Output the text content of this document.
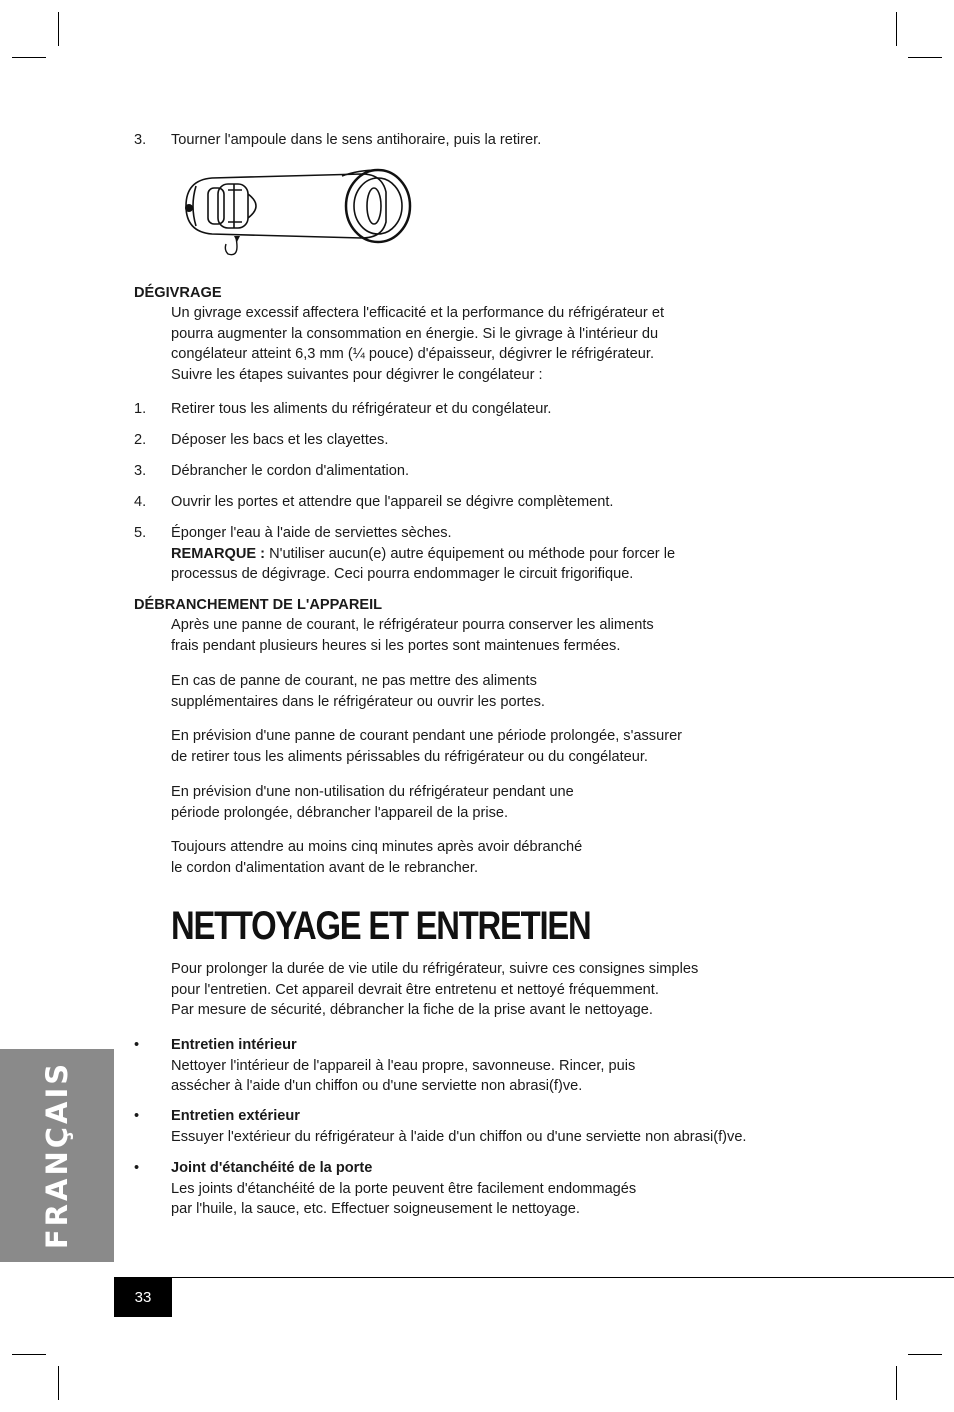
3. Tourner l'ampoule dans le sens antihoraire, puis la retirer.
DÉGIVRAGE
Un givrage excessif affectera l'efficacité et la performance du réfrigérateur et
pourra augmenter la consommation en énergie. Si le givrage à l'intérieur du
congélateur atteint 6,3 mm (¼ pouce) d'épaisseur, dégivrer le réfrigérateur.
Suivre les étapes suivantes pour dégivrer le congélateur :
1. Retirer tous les aliments du réfrigérateur et du congélateur.
2. Déposer les bacs et les clayettes.
3. Débrancher le cordon d'alimentation.
4. Ouvrir les portes et attendre que l'appareil se dégivre complètement.
5. Éponger l'eau à l'aide de serviettes sèches.
REMARQUE : N'utiliser aucun(e) autre équipement ou méthode pour forcer le
processus de dégivrage. Ceci pourra endommager le circuit frigorifique.
DÉBRANCHEMENT DE L'APPAREIL
Après une panne de courant, le réfrigérateur pourra conserver les aliments
frais pendant plusieurs heures si les portes sont maintenues fermées.
En cas de panne de courant, ne pas mettre des aliments
supplémentaires dans le réfrigérateur ou ouvrir les portes.
En prévision d'une panne de courant pendant une période prolongée, s'assurer
de retirer tous les aliments périssables du réfrigérateur ou du congélateur.
En prévision d'une non-utilisation du réfrigérateur pendant une
période prolongée, débrancher l'appareil de la prise.
Toujours attendre au moins cinq minutes après avoir débranché
le cordon d'alimentation avant de le rebrancher.
NETTOYAGE ET ENTRETIEN
Pour prolonger la durée de vie utile du réfrigérateur, suivre ces consignes simples
pour l'entretien. Cet appareil devrait être entretenu et nettoyé fréquemment.
Par mesure de sécurité, débrancher la fiche de la prise avant le nettoyage.
• Entretien intérieur
Nettoyer l'intérieur de l'appareil à l'eau propre, savonneuse. Rincer, puis
assécher à l'aide d'un chiffon ou d'une serviette non abrasi(f)ve.
• Entretien extérieur
Essuyer l'extérieur du réfrigérateur à l'aide d'un chiffon ou d'une serviette non abrasi(f)ve.
• Joint d'étanchéité de la porte
Les joints d'étanchéité de la porte peuvent être facilement endommagés
par l'huile, la sauce, etc. Effectuer soigneusement le nettoyage.
FRANÇAIS
33
